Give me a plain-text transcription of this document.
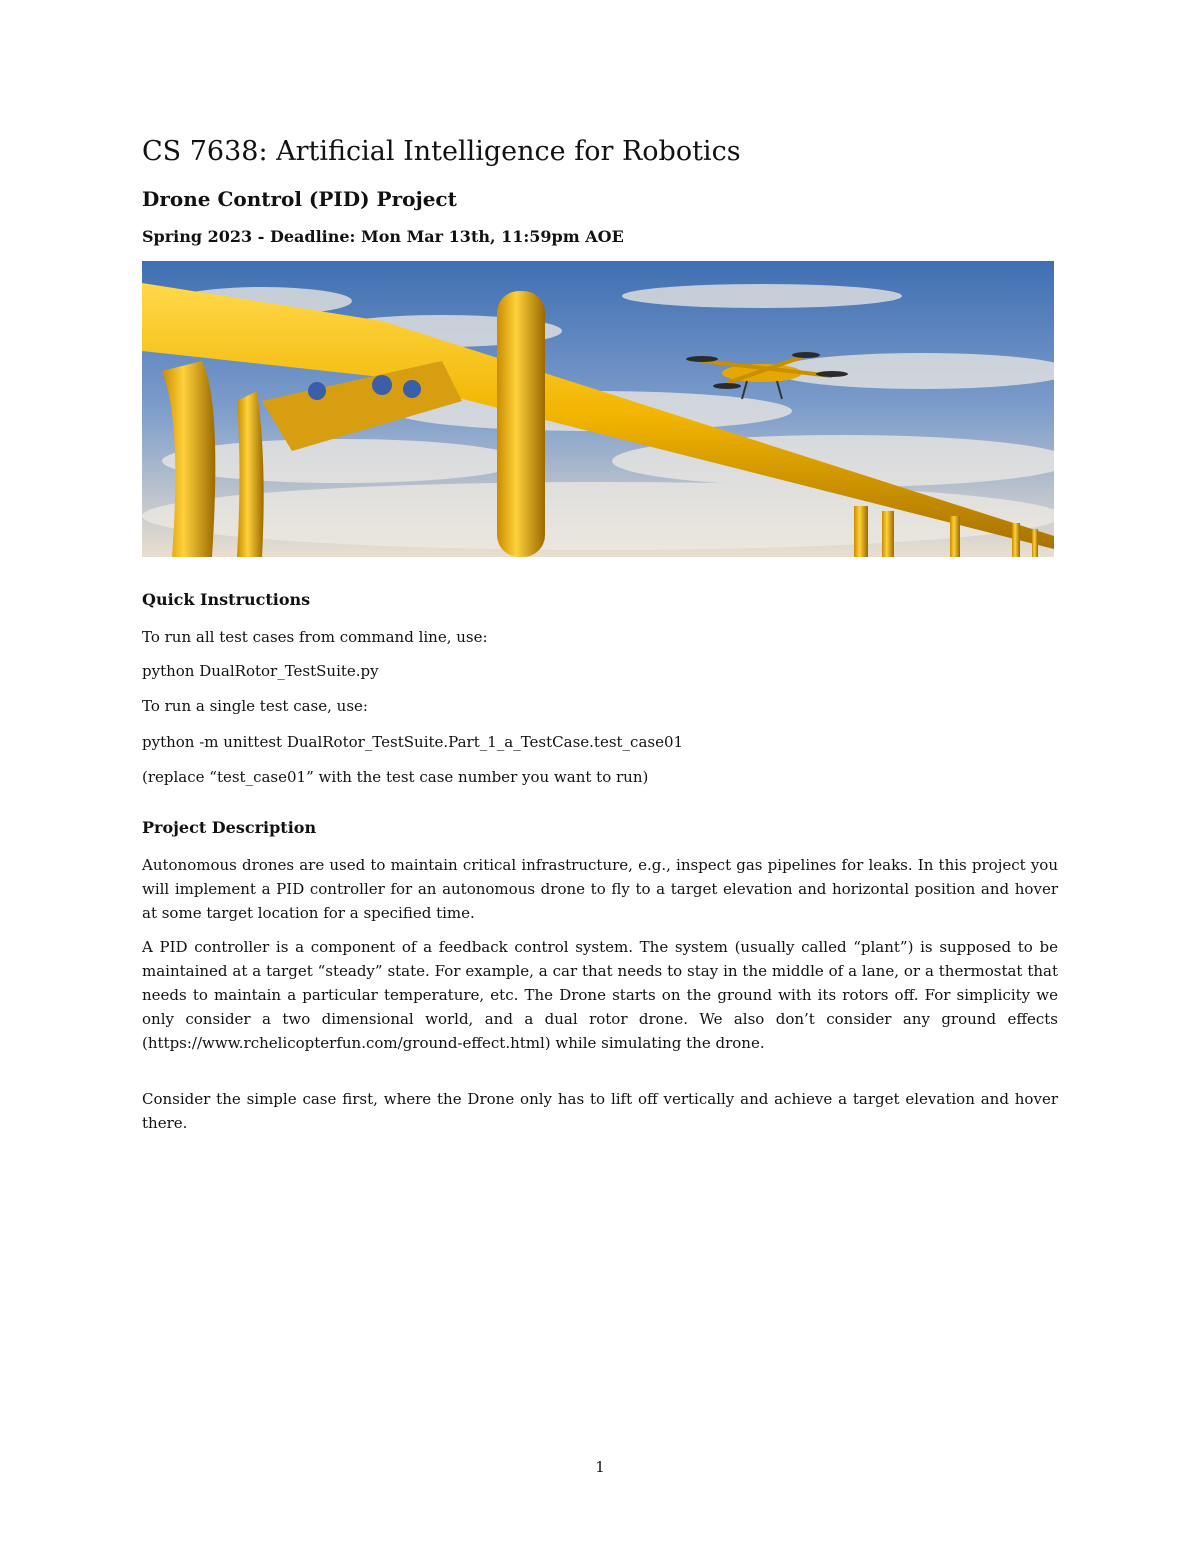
CS 7638: Artificial Intelligence for Robotics
Drone Control (PID) Project

Spring 2023 - Deadline: Mon Mar 13th, 11:59pm AOE

Quick Instructions

To run all test cases from command line, use:

python DualRotor_TestSuite.py

To run a single test case, use:

python -m unittest DualRotor_TestSuite.Part_1_a_TestCase.test_case01

(replace “test_case01” with the test case number you want to run)

Project Description

Autonomous drones are used to maintain critical infrastructure, e.g., inspect gas pipelines for leaks. In this project you will implement a PID controller for an autonomous drone to fly to a target elevation and horizontal position and hover at some target location for a specified time.

A PID controller is a component of a feedback control system. The system (usually called “plant”) is supposed to be maintained at a target “steady” state. For example, a car that needs to stay in the middle of a lane, or a thermostat that needs to maintain a particular temperature, etc. The Drone starts on the ground with its rotors off. For simplicity we only consider a two dimensional world, and a dual rotor drone. We also don’t consider any ground effects (https://www.rchelicopterfun.com/ground-effect.html) while simulating the drone.

Consider the simple case first, where the Drone only has to lift off vertically and achieve a target elevation and hover there.

1
